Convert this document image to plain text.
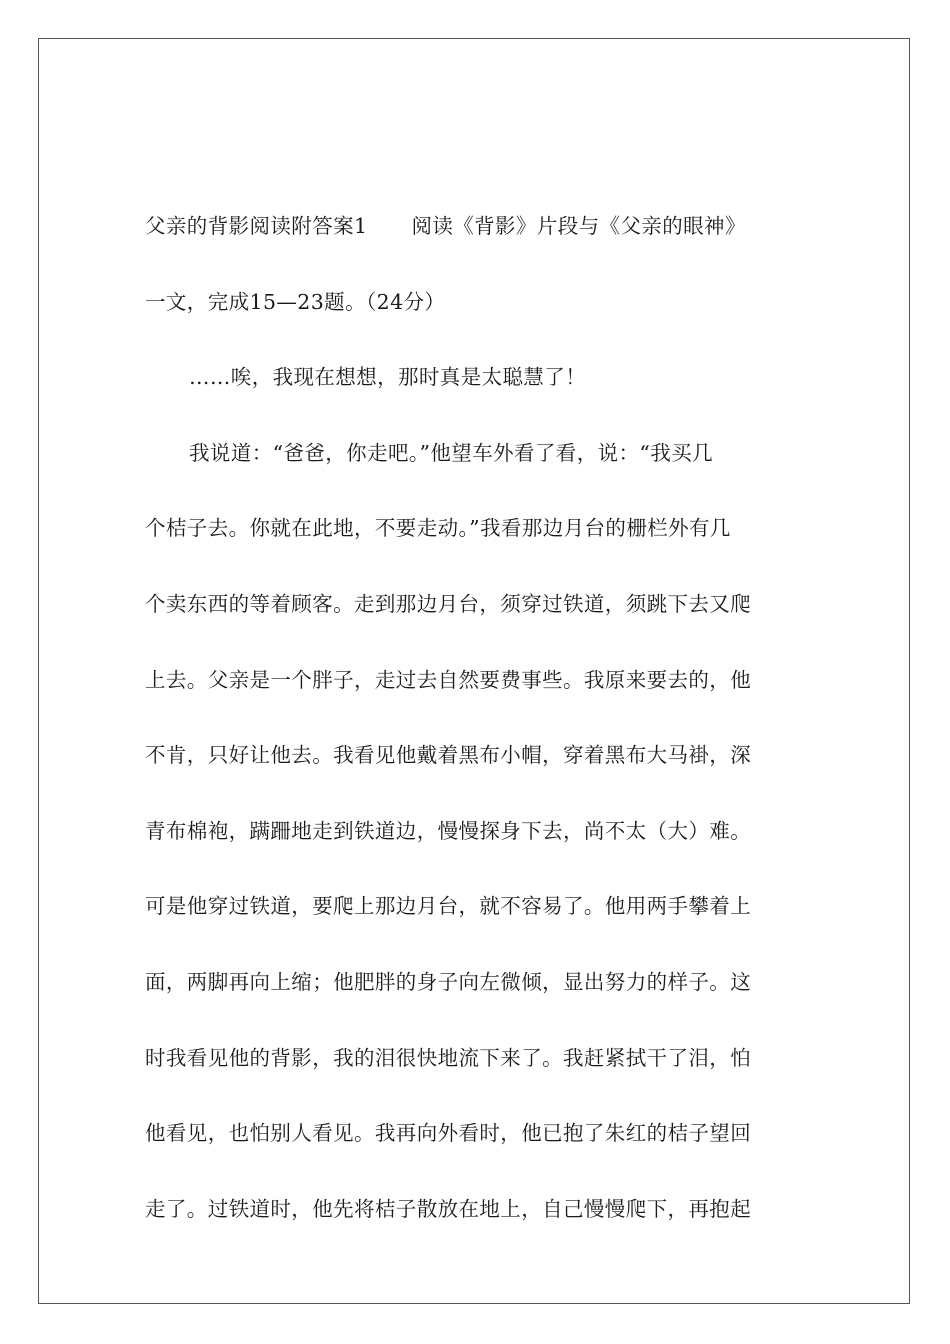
父亲的背影阅读附答案1 阅读《背影》片段与《父亲的眼神》
一文，完成15—23题。（24分）
……唉，我现在想想，那时真是太聪慧了！
我说道：“爸爸，你走吧。”他望车外看了看，说：“我买几
个桔子去。你就在此地，不要走动。”我看那边月台的栅栏外有几
个卖东西的等着顾客。走到那边月台，须穿过铁道，须跳下去又爬
上去。父亲是一个胖子，走过去自然要费事些。我原来要去的，他
不肯，只好让他去。我看见他戴着黑布小帽，穿着黑布大马褂，深
青布棉袍，蹒跚地走到铁道边，慢慢探身下去，尚不太（大）难。
可是他穿过铁道，要爬上那边月台，就不容易了。他用两手攀着上
面，两脚再向上缩；他肥胖的身子向左微倾，显出努力的样子。这
时我看见他的背影，我的泪很快地流下来了。我赶紧拭干了泪，怕
他看见，也怕别人看见。我再向外看时，他已抱了朱红的桔子望回
走了。过铁道时，他先将桔子散放在地上，自己慢慢爬下，再抱起
